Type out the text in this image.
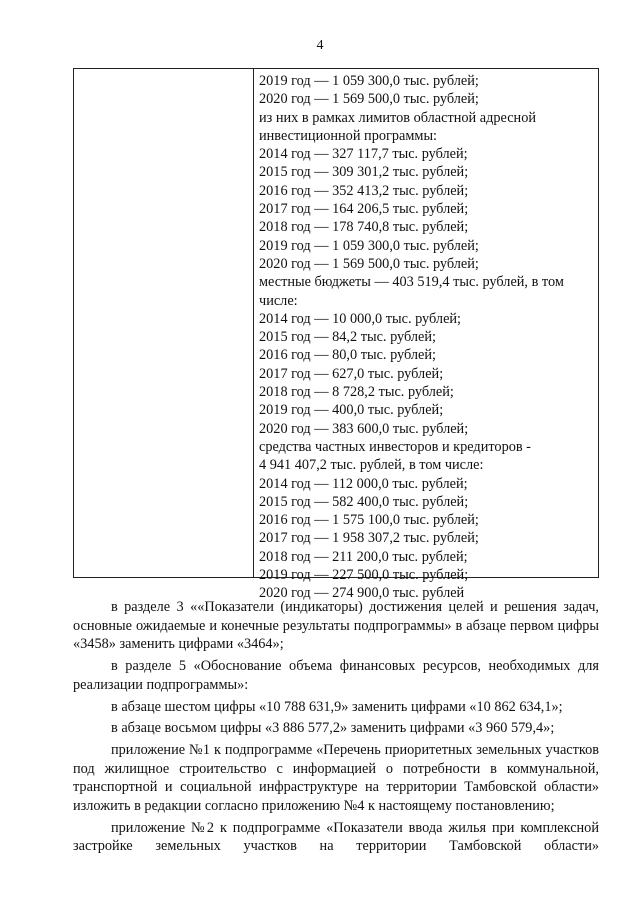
4
2019 год — 1 059 300,0 тыс. рублей;
2020 год — 1 569 500,0 тыс. рублей;
из них в рамках лимитов областной адресной
инвестиционной программы:
2014 год — 327 117,7 тыс. рублей;
2015 год — 309 301,2 тыс. рублей;
2016 год — 352 413,2 тыс. рублей;
2017 год — 164 206,5 тыс. рублей;
2018 год — 178 740,8 тыс. рублей;
2019 год — 1 059 300,0 тыс. рублей;
2020 год — 1 569 500,0 тыс. рублей;
местные бюджеты — 403 519,4 тыс. рублей, в том
числе:
2014 год — 10 000,0 тыс. рублей;
2015 год — 84,2 тыс. рублей;
2016 год — 80,0 тыс. рублей;
2017 год — 627,0 тыс. рублей;
2018 год — 8 728,2 тыс. рублей;
2019 год — 400,0 тыс. рублей;
2020 год — 383 600,0 тыс. рублей;
средства частных инвесторов и кредиторов -
4 941 407,2 тыс. рублей, в том числе:
2014 год — 112 000,0 тыс. рублей;
2015 год — 582 400,0 тыс. рублей;
2016 год — 1 575 100,0 тыс. рублей;
2017 год — 1 958 307,2 тыс. рублей;
2018 год — 211 200,0 тыс. рублей;
2019 год — 227 500,0 тыс. рублей;
2020 год — 274 900,0 тыс. рублей

в разделе 3 ««Показатели (индикаторы) достижения целей и решения задач, основные ожидаемые и конечные результаты подпрограммы» в абзаце первом цифры «3458» заменить цифрами «3464»;

в разделе 5 «Обоснование объема финансовых ресурсов, необходимых для реализации подпрограммы»:

в абзаце шестом цифры «10 788 631,9» заменить цифрами «10 862 634,1»;

в абзаце восьмом цифры «3 886 577,2» заменить цифрами «3 960 579,4»;

приложение №1 к подпрограмме «Перечень приоритетных земельных участков под жилищное строительство с информацией о потребности в коммунальной, транспортной и социальной инфраструктуре на территории Тамбовской области» изложить в редакции согласно приложению №4 к настоящему постановлению;

приложение №2 к подпрограмме «Показатели ввода жилья при комплексной застройке земельных участков на территории Тамбовской области»
